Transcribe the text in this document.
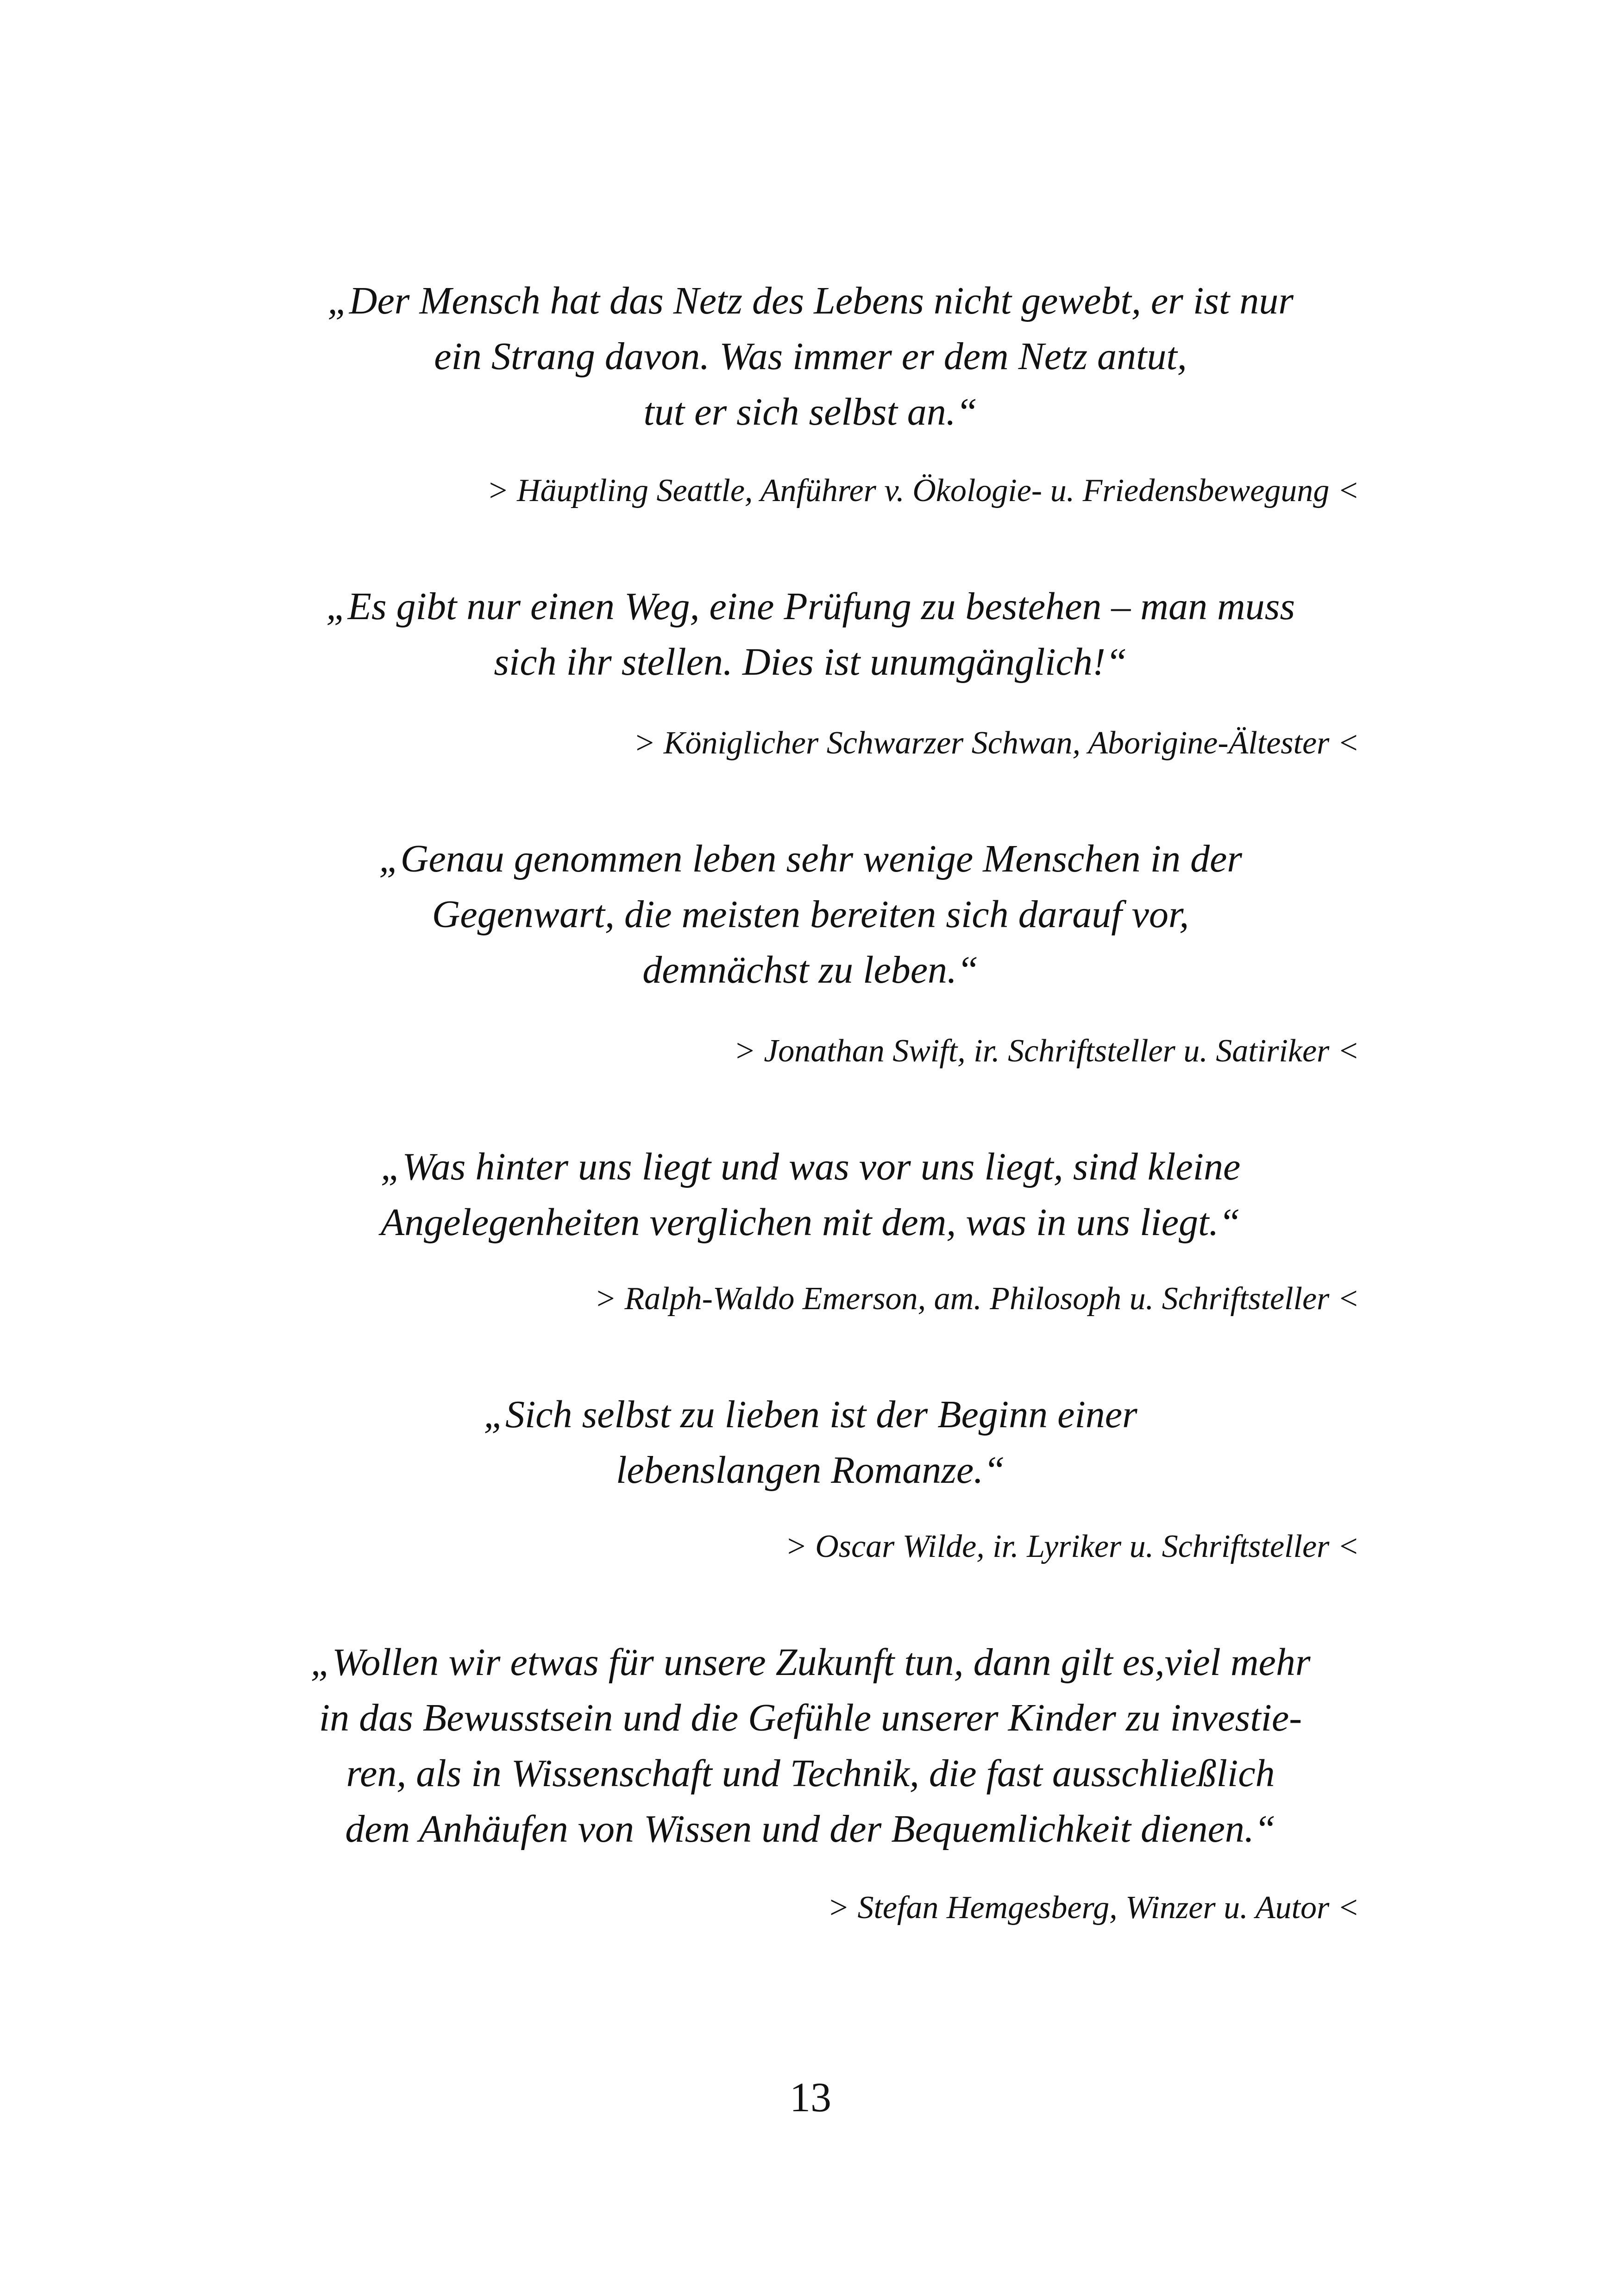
„Der Mensch hat das Netz des Lebens nicht gewebt, er ist nur
ein Strang davon. Was immer er dem Netz antut,
tut er sich selbst an.“
> Häuptling Seattle, Anführer v. Ökologie- u. Friedensbewegung <
„Es gibt nur einen Weg, eine Prüfung zu bestehen – man muss
sich ihr stellen. Dies ist unumgänglich!“
> Königlicher Schwarzer Schwan, Aborigine-Ältester <
„Genau genommen leben sehr wenige Menschen in der
Gegenwart, die meisten bereiten sich darauf vor,
demnächst zu leben.“
> Jonathan Swift, ir. Schriftsteller u. Satiriker <
„Was hinter uns liegt und was vor uns liegt, sind kleine
Angelegenheiten verglichen mit dem, was in uns liegt.“
> Ralph-Waldo Emerson, am. Philosoph u. Schriftsteller <
„Sich selbst zu lieben ist der Beginn einer
lebenslangen Romanze.“
> Oscar Wilde, ir. Lyriker u. Schriftsteller <
„Wollen wir etwas für unsere Zukunft tun, dann gilt es,viel mehr
in das Bewusstsein und die Gefühle unserer Kinder zu investie-
ren, als in Wissenschaft und Technik, die fast ausschließlich
dem Anhäufen von Wissen und der Bequemlichkeit dienen.“
> Stefan Hemgesberg, Winzer u. Autor <
13
